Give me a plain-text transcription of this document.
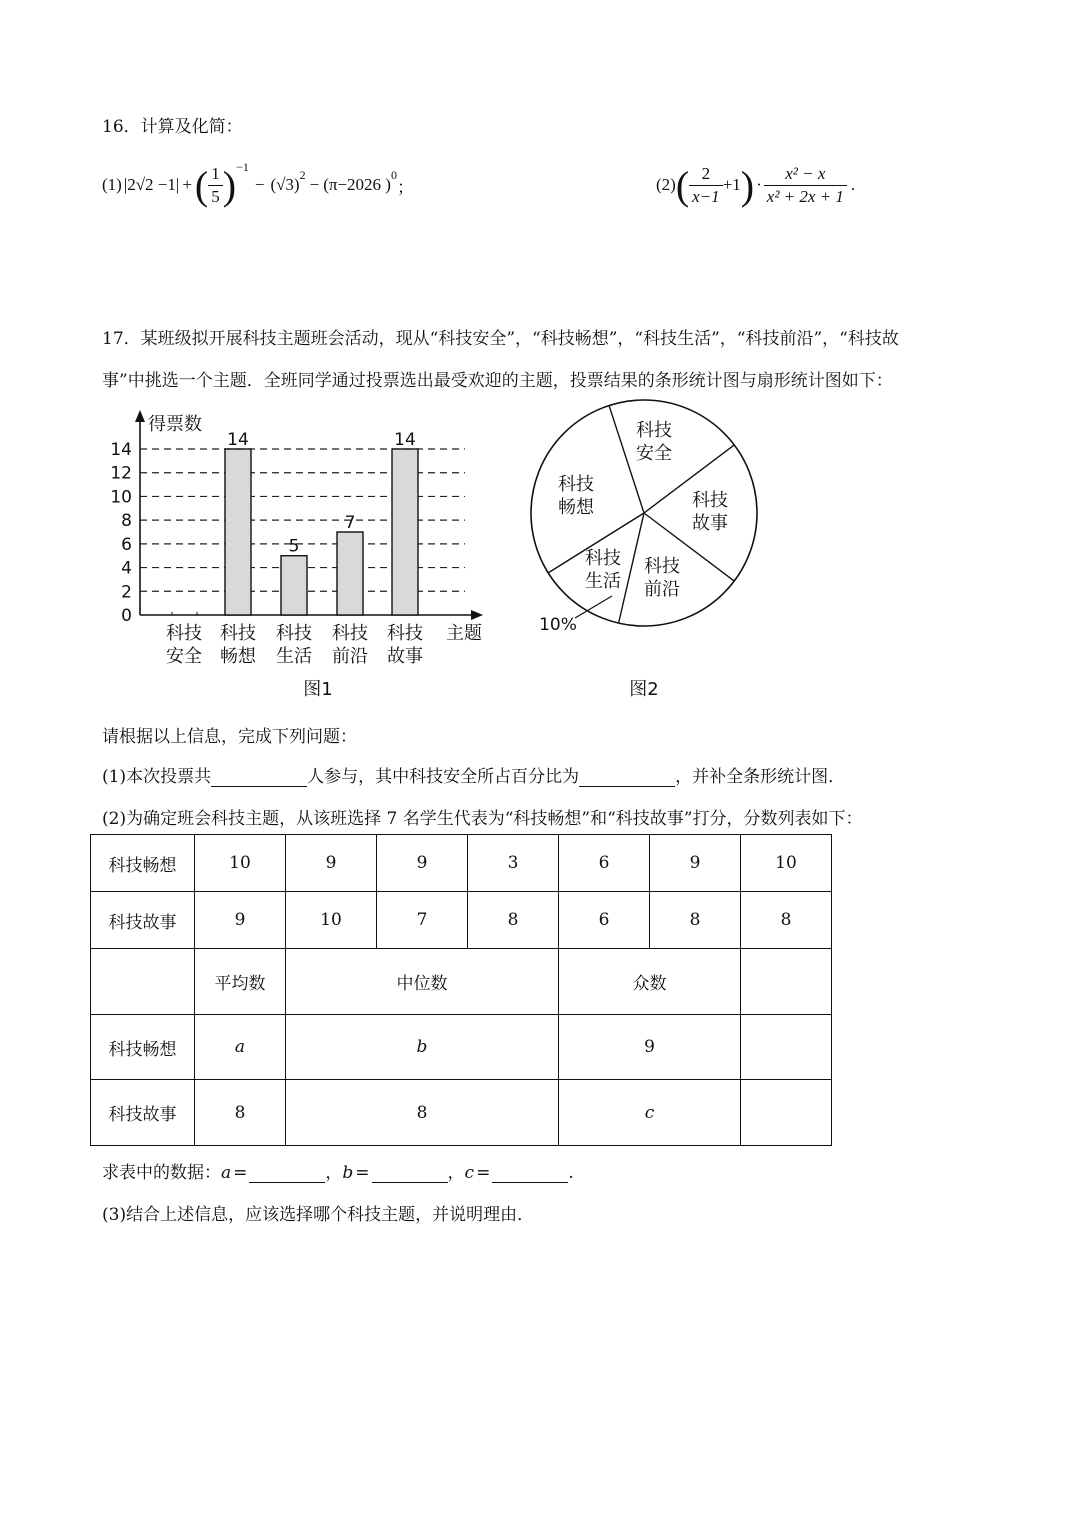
16．计算及化简：
(1) |2√2 −1| + ( $\frac{1}{5} )^{-1}$
− $(√3)^2 - (\pi-2026$ )$^0$
；	(2) ( $\frac{2}{x-1} +1$ ) · $\frac{\text{x² − x}}{\text{x² + 2x + 1}}$ .
17．某班级拟开展科技主题班会活动，现从“科技安全”，“科技畅想”，“科技生活”，“科技前沿”，“科技故
事”中挑选一个主题．全班同学通过投票选出最受欢迎的主题，投票结果的条形统计图与扇形统计图如下：
0
2
4
6
8
10
12
14
得票数
主题
科技
安全
14
科技
畅想
5
科技
生活
7
科技
前沿
14
科技
故事
图1
科技
安全
科技
故事
科技
前沿
科技
生活
10%
科技
畅想
图2
请根据以上信息，完成下列问题：
(1)本次投票共	人参与，其中科技安全所占百分比为	，并补全条形统计图．
(2)为确定班会科技主题，从该班选择 7 名学生代表为“科技畅想”和“科技故事”打分，分数列表如下：
科技畅想	10	9	9	3	6	9	10
科技故事	9	10	7	8	6	8	8
	平均数	中位数			众数		
科技畅想	a	b			9		
科技故事	8	8			c		
求表中的数据：a =	，b =	，c =	.
(3)结合上述信息，应该选择哪个科技主题，并说明理由．
